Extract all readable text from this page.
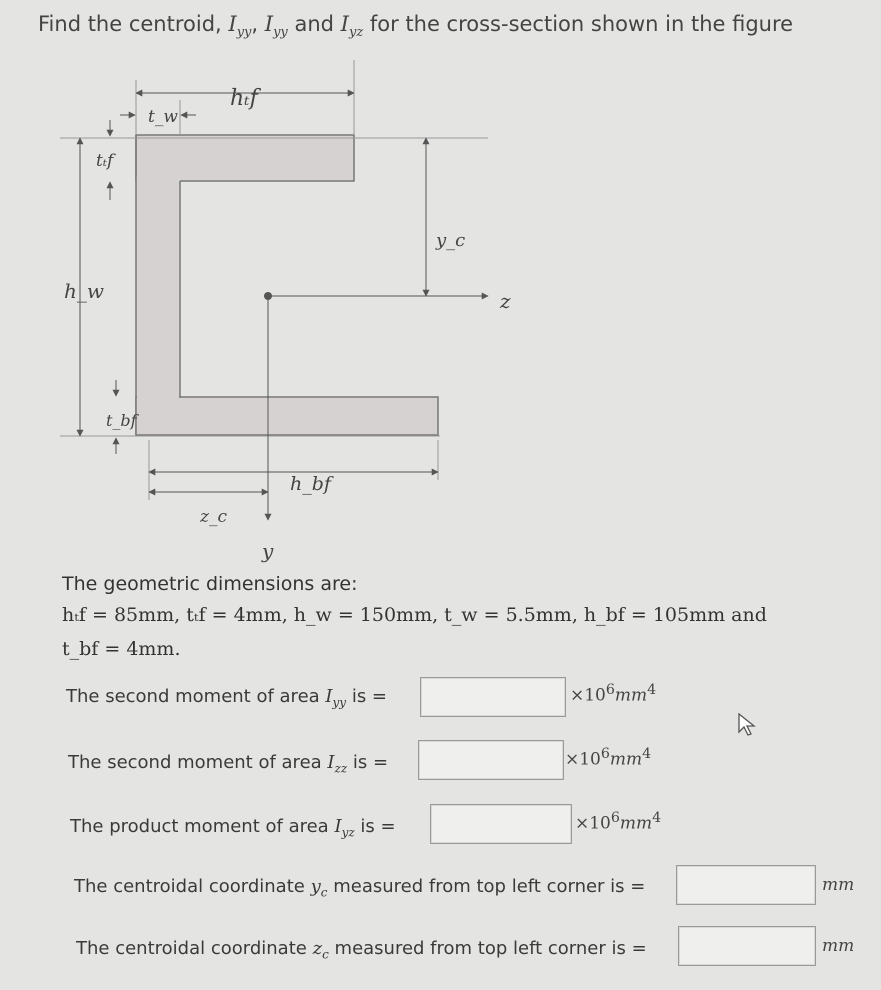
Find the centroid, $I_{yy}$, $I_{yy}$ and $I_{yz}$ for the cross-section shown in the figure
hₜf
t_w
tₜf
h_w
t_bf
y_c
z
y
h_bf
z_c
The geometric dimensions are:
hₜf = 85mm, tₜf = 4mm, h_w = 150mm, t_w = 5.5mm, h_bf = 105mm and
t_bf = 4mm.
The second moment of area $I_{yy}$ is =	$\times 10^6mm^4$
The second moment of area $I_{zz}$ is =	$\times 10^6mm^4$
The product moment of area $I_{yz}$ is =	$\times 10^6mm^4$
The centroidal coordinate $y_c$ measured from top left corner is =	mm
The centroidal coordinate $z_c$ measured from top left corner is =	mm
